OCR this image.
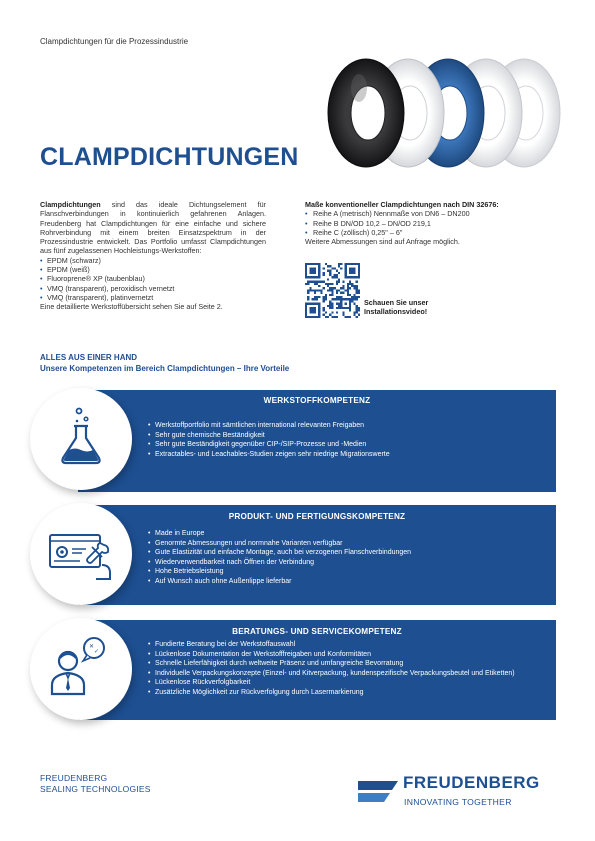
Clampdichtungen für die Prozessindustrie
CLAMPDICHTUNGEN

Clampdichtungen sind das ideale Dichtungselement für Flanschverbindungen in kontinuierlich gefahrenen Anlagen. Freudenberg hat Clampdichtungen für eine einfache und sichere Rohrverbindung mit einem breiten Einsatzspektrum in der Prozessindustrie entwickelt. Das Portfolio umfasst Clampdichtungen aus fünf zugelassenen Hochleistungs-Werkstoffen:

• EPDM (schwarz)
• EPDM (weiß)
• Fluoroprene® XP (taubenblau)
• VMQ (transparent), peroxidisch vernetzt
• VMQ (transparent), platinvernetzt

Eine detaillierte Werkstoffübersicht sehen Sie auf Seite 2.

Maße konventioneller Clampdichtungen nach DIN 32676:

• Reihe A (metrisch) Nennmaße von DN6 – DN200
• Reihe B DN/OD 10,2 – DN/OD 219,1
• Reihe C (zöllisch) 0,25" – 6"

Weitere Abmessungen sind auf Anfrage möglich.

Schauen Sie unser
Installationsvideo!
ALLES AUS EINER HAND
Unsere Kompetenzen im Bereich Clampdichtungen – Ihre Vorteile
WERKSTOFFKOMPETENZ
• Werkstoffportfolio mit sämtlichen international relevanten Freigaben
• Sehr gute chemische Beständigkeit
• Sehr gute Beständigkeit gegenüber CIP-/SIP-Prozesse und -Medien
• Extractables- und Leachables-Studien zeigen sehr niedrige Migrationswerte
PRODUKT- UND FERTIGUNGSKOMPETENZ
• Made in Europe
• Genormte Abmessungen und normnahe Varianten verfügbar
• Gute Elastizität und einfache Montage, auch bei verzogenen Flanschverbindungen
• Wiederverwendbarkeit nach Öffnen der Verbindung
• Hohe Betriebsleistung
• Auf Wunsch auch ohne Außenlippe lieferbar
BERATUNGS- UND SERVICEKOMPETENZ
• Fundierte Beratung bei der Werkstoffauswahl
• Lückenlose Dokumentation der Werkstofffreigaben und Konformitäten
• Schnelle Lieferfähigkeit durch weltweite Präsenz und umfangreiche Bevorratung
• Individuelle Verpackungskonzepte (Einzel- und Kitverpackung, kundenspezifische Verpackungsbeutel und Etiketten)
• Lückenlose Rückverfolgbarkeit
• Zusätzliche Möglichkeit zur Rückverfolgung durch Lasermarkierung
✕
✓
FREUDENBERG
SEALING TECHNOLOGIES	FREUDENBERG
INNOVATING TOGETHER
